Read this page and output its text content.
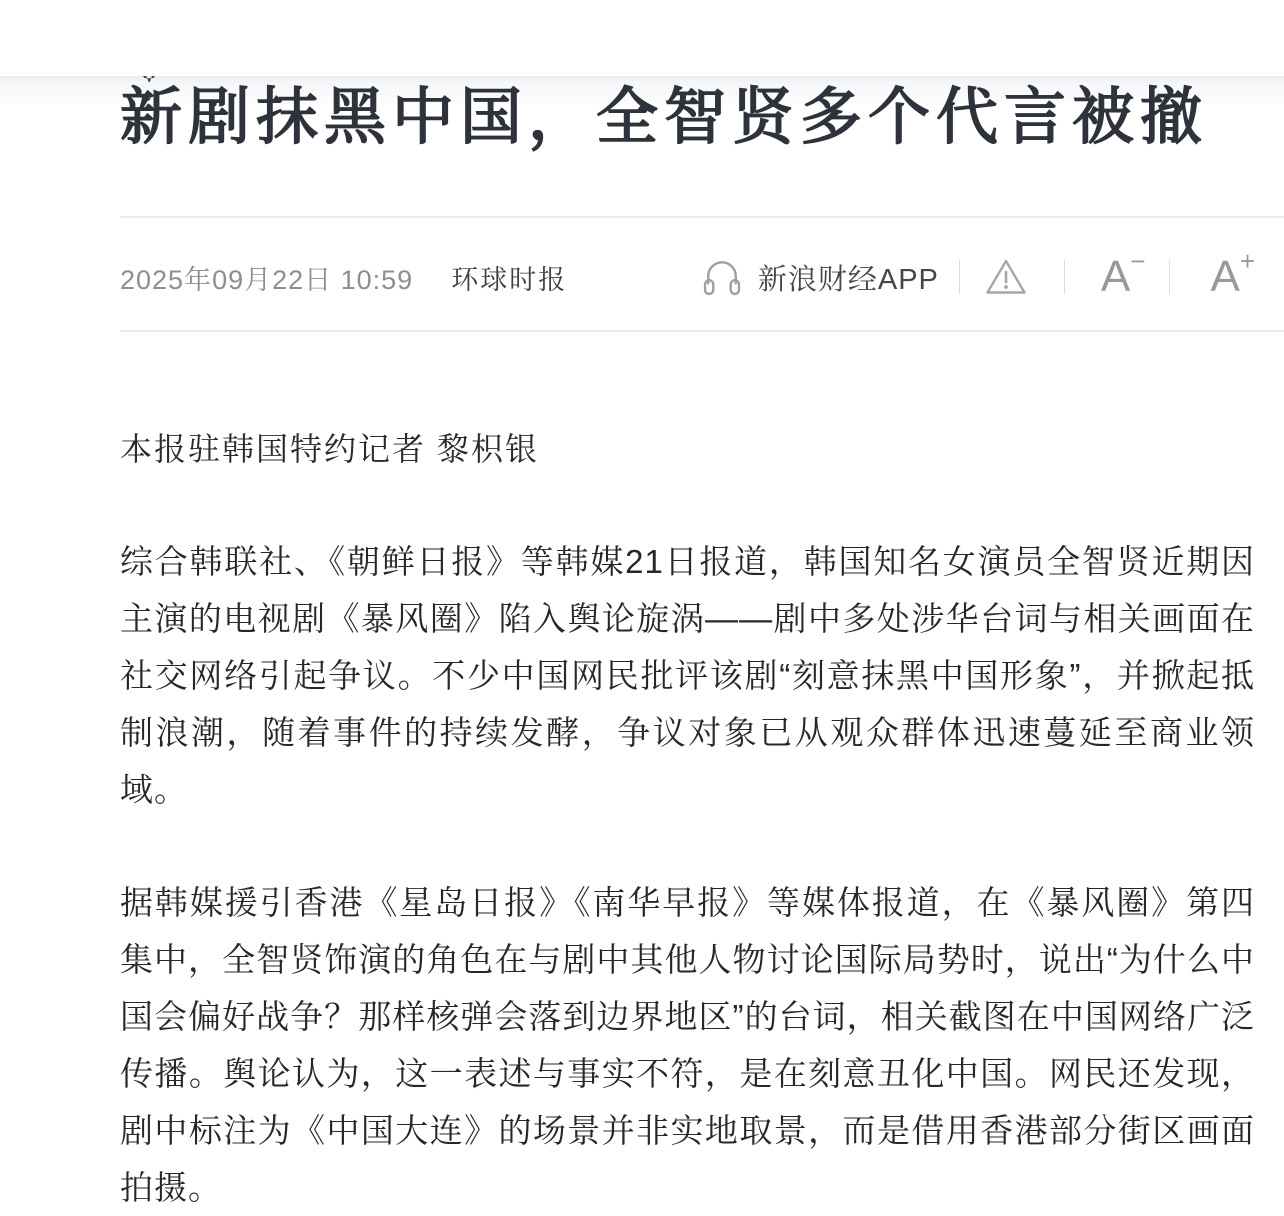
新剧抹黑中国，全智贤多个代言被撤
2025年09月22日 10:59 环球时报	新浪财经APP	A− A+
本报驻韩国特约记者 黎枳银

综合韩联社、《朝鲜日报》等韩媒21日报道，韩国知名女演员全智贤近期因主演的电视剧《暴风圈》陷入舆论旋涡——剧中多处涉华台词与相关画面在社交网络引起争议。不少中国网民批评该剧“刻意抹黑中国形象”，并掀起抵制浪潮，随着事件的持续发酵，争议对象已从观众群体迅速蔓延至商业领域。

据韩媒援引香港《星岛日报》《南华早报》等媒体报道，在《暴风圈》第四集中，全智贤饰演的角色在与剧中其他人物讨论国际局势时，说出“为什么中国会偏好战争？那样核弹会落到边界地区”的台词，相关截图在中国网络广泛传播。舆论认为，这一表述与事实不符，是在刻意丑化中国。网民还发现，剧中标注为《中国大连》的场景并非实地取景，而是借用香港部分街区画面拍摄。
